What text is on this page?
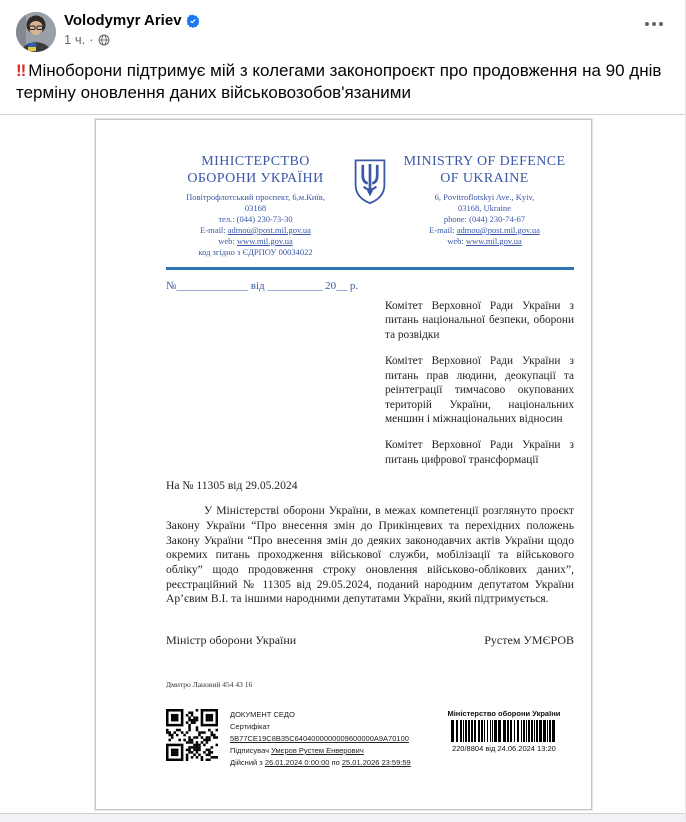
Volodymyr Ariev
1 ч. ·
‼ Міноборони підтримує мій з колегами законопроєкт про продовження на 90 днів терміну оновлення даних військовозобов'язаними
МІНІСТЕРСТВО ОБОРОНИ УКРАЇНИ
Повітрофлотський проспект, 6,м.Київ,
03168
тел.: (044) 230-73-30
E-mail: admou@post.mil.gov.ua
web: www.mil.gov.ua
код згідно з ЄДРПОУ 00034022
MINISTRY OF DEFENCE OF UKRAINE
6, Povitroflotskyi Ave., Kyiv,
03168, Ukraine
phone: (044) 230-74-67
E-mail: admou@post.mil.gov.ua
web: www.mil.gov.ua
№_____________ від __________ 20__ р.
Комітет Верховної Ради України з питань національної безпеки, оборони та розвідки
Комітет Верховної Ради України з питань прав людини, деокупації та реінтеграції тимчасово окупованих територій України, національних меншин і міжнаціональних відносин
Комітет Верховної Ради України з питань цифрової трансформації
На № 11305 від 29.05.2024
У Міністерстві оборони України, в межах компетенції розглянуто проєкт Закону України “Про внесення змін до Прикінцевих та перехідних положень Закону України “Про внесення змін до деяких законодавчих актів України щодо окремих питань проходження військової служби, мобілізації та військового обліку” щодо продовження строку оновлення військово-облікових даних”, реєстраційний № 11305 від 29.05.2024, поданий народним депутатом України Ар’євим В.І. та іншими народними депутатами України, який підтримується.
Міністр оборони України	Рустем УМЄРОВ
Дмитро Лановий 454 43 16
ДОКУМЕНТ СЕДО
Сертифікат 5B77CE19C8B35C6404000000009600000A9A70100
Підписувач Умєров Рустем Енверович
Дійсний з 26.01.2024 0:00:00 по 25.01.2026 23:59:59
Міністерство оборони України
220/8804 від 24.06.2024 13:20
